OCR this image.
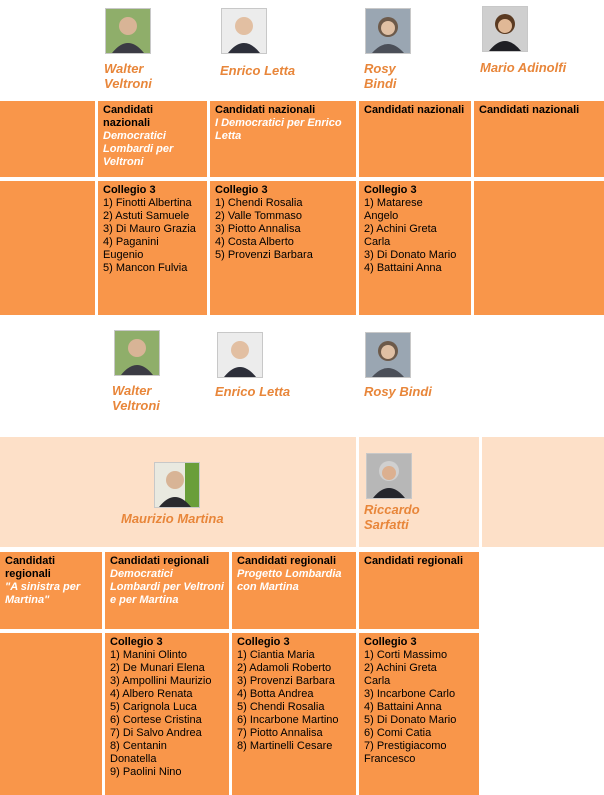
Walter Veltroni
Enrico Letta	Rosy Bindi
Mario Adinolfi
Candidati nazionali
Democratici Lombardi per Veltroni
Candidati nazionali
I Democratici per Enrico Letta
Candidati nazionali Candidati nazionali
Collegio 3
1) Finotti Albertina
2) Astuti Samuele
3) Di Mauro Grazia
4) Paganini Eugenio
5) Mancon Fulvia
Collegio 3
1) Chendi Rosalia
2) Valle Tommaso
3) Piotto Annalisa
4) Costa Alberto
5) Provenzi Barbara
Collegio 3
1) Matarese Angelo
2) Achini Greta Carla
3) Di Donato Mario
4) Battaini Anna
Walter Veltroni
Enrico Letta	Rosy Bindi
Maurizio Martina
Riccardo Sarfatti
Candidati regionali
"A sinistra per Martina"
Candidati regionali
Democratici Lombardi per Veltroni e per Martina
Candidati regionali
Progetto Lombardia con Martina
Candidati regionali
Collegio 3
1) Manini Olinto
2) De Munari Elena
3) Ampollini Maurizio
4) Albero Renata
5) Carignola Luca
6) Cortese Cristina
7) Di Salvo Andrea
8) Centanin Donatella
9) Paolini Nino
Collegio 3
1) Ciantia Maria
2) Adamoli Roberto
3) Provenzi Barbara
4) Botta Andrea
5) Chendi Rosalia
6) Incarbone Martino
7) Piotto Annalisa
8) Martinelli Cesare
Collegio 3
1) Corti Massimo
2) Achini Greta Carla
3) Incarbone Carlo
4) Battaini Anna
5) Di Donato Mario
6) Comi Catia
7) Prestigiacomo Francesco
